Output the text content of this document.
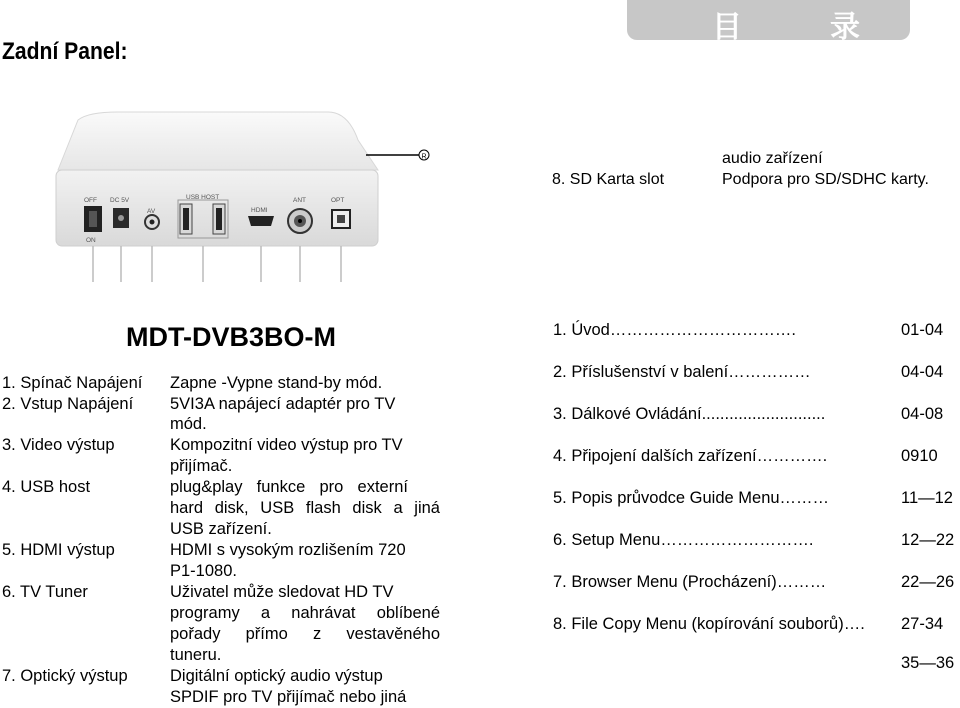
目	录
Zadní Panel:
R
OFF
ON
DC 5V
AV
USB HOST
HDMI
ANT	OPT
audio zařízení
8. SD Karta slot	Podpora pro SD/SDHC karty.
MDT-DVB3BO-M
1. Spínač Napájení	Zapne -Vypne stand-by mód.
2. Vstup Napájení	5VI3A napájecí adaptér pro TV
mód.
3. Video výstup	Kompozitní video výstup pro TV
přijímač.
4. USB host	plug&play funkce pro externí
hard disk, USB flash disk a jiná
USB zařízení.
5. HDMI výstup	HDMI s vysokým rozlišením 720
P1-1080.
6. TV Tuner	Uživatel může sledovat HD TV
programy a nahrávat oblíbené
pořady přímo z vestavěného
tuneru.
7. Optický výstup	Digitální optický audio výstup
SPDIF pro TV přijímač nebo jiná
1. Úvod…………………………….	01-04
2. Příslušenství v balení……………	04-04
3. Dálkové Ovládání...........................	04-08
4. Připojení dalších zařízení………….	0910
5. Popis průvodce Guide Menu………	11—12
6. Setup Menu……………………….	12—22
7. Browser Menu (Procházení)………	22—26
8. File Copy Menu (kopírování souborů)…. 27-34
35—36
